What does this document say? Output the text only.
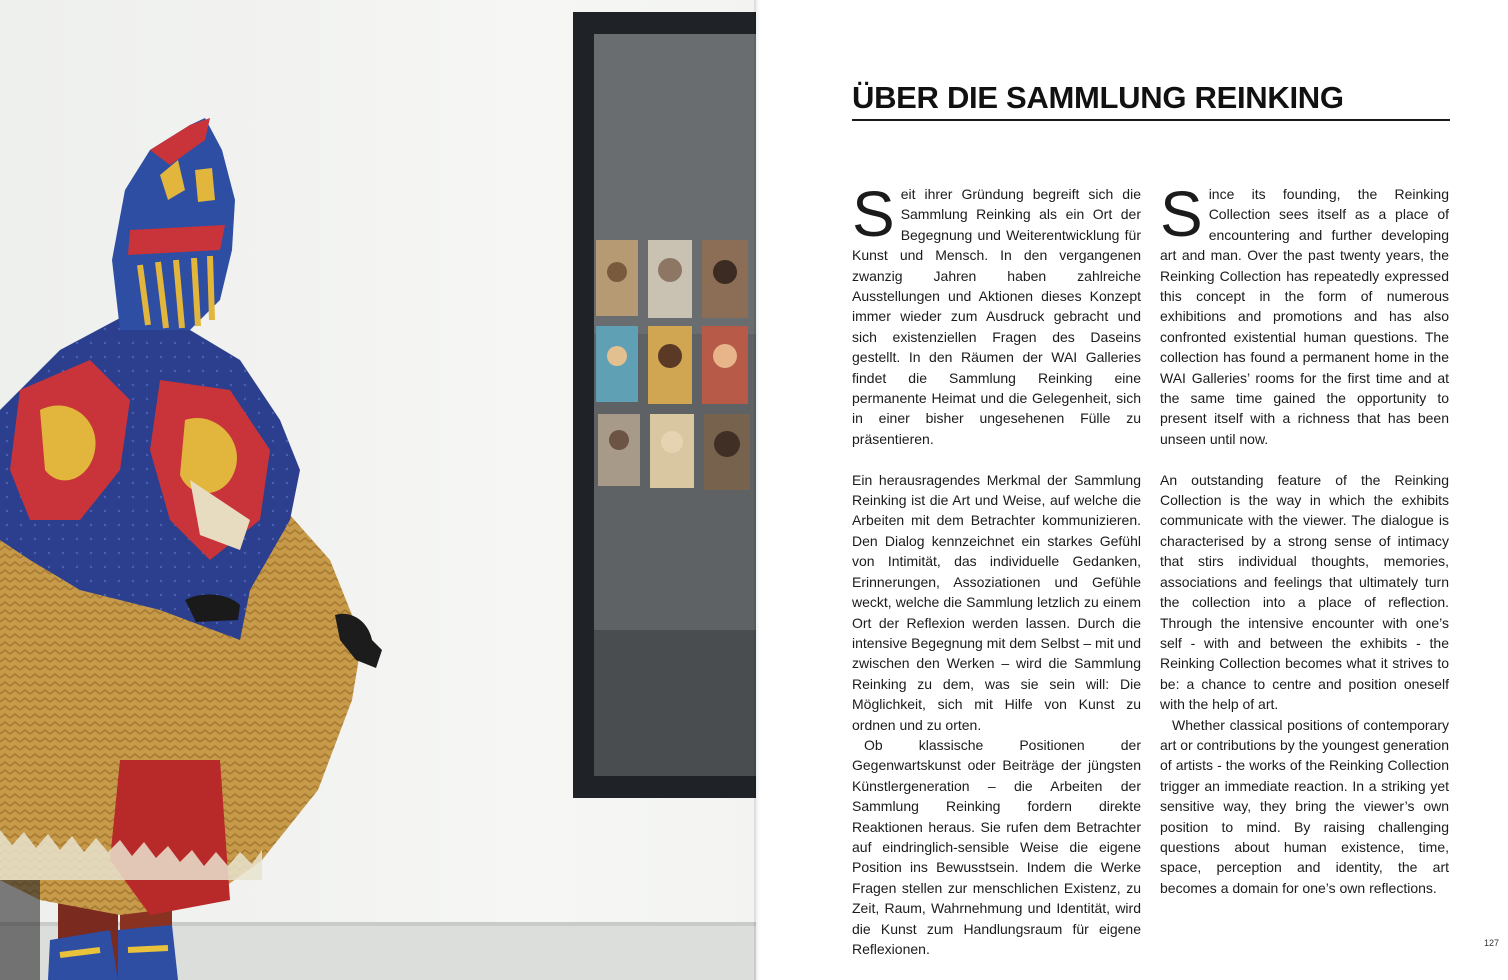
ÜBER DIE SAMMLUNG REINKING

Seit ihrer Gründung begreift sich die Sammlung Reinking als ein Ort der Begegnung und Weiterentwicklung für Kunst und Mensch. In den vergangenen zwanzig Jahren haben zahlreiche Ausstellungen und Aktionen dieses Konzept immer wieder zum Ausdruck gebracht und sich existenziellen Fragen des Daseins gestellt. In den Räumen der WAI Galleries findet die Sammlung Reinking eine permanente Heimat und die Gelegenheit, sich in einer bisher ungesehenen Fülle zu präsentieren.

Ein herausragendes Merkmal der Sammlung Reinking ist die Art und Weise, auf welche die Arbeiten mit dem Betrachter kommunizieren. Den Dialog kennzeichnet ein starkes Gefühl von Intimität, das individuelle Gedanken, Erinnerungen, Assoziationen und Gefühle weckt, welche die Sammlung letzlich zu einem Ort der Reflexion werden lassen. Durch die intensive Begegnung mit dem Selbst – mit und zwischen den Werken – wird die Sammlung Reinking zu dem, was sie sein will: Die Möglichkeit, sich mit Hilfe von Kunst zu ordnen und zu orten.

Ob klassische Positionen der Gegenwartskunst oder Beiträge der jüngsten Künstlergeneration – die Arbeiten der Sammlung Reinking fordern direkte Reaktionen heraus. Sie rufen dem Betrachter auf eindringlich-sensible Weise die eigene Position ins Bewusstsein. Indem die Werke Fragen stellen zur menschlichen Existenz, zu Zeit, Raum, Wahrnehmung und Identität, wird die Kunst zum Handlungsraum für eigene Reflexionen.

Since its founding, the Reinking Collection sees itself as a place of encountering and further developing art and man. Over the past twenty years, the Reinking Collection has repeatedly expressed this concept in the form of numerous exhibitions and promotions and has also confronted existential human questions. The collection has found a permanent home in the WAI Galleries’ rooms for the first time and at the same time gained the opportunity to present itself with a richness that has been unseen until now.

An outstanding feature of the Reinking Collection is the way in which the exhibits communicate with the viewer. The dialogue is characterised by a strong sense of intimacy that stirs individual thoughts, memories, associations and feelings that ultimately turn the collection into a place of reflection. Through the intensive encounter with one’s self - with and between the exhibits - the Reinking Collection becomes what it strives to be: a chance to centre and position oneself with the help of art.

Whether classical positions of contemporary art or contributions by the youngest generation of artists - the works of the Reinking Collection trigger an immediate reaction. In a striking yet sensitive way, they bring the viewer’s own position to mind. By raising challenging questions about human existence, time, space, perception and identity, the art becomes a domain for one’s own reflections.

127
